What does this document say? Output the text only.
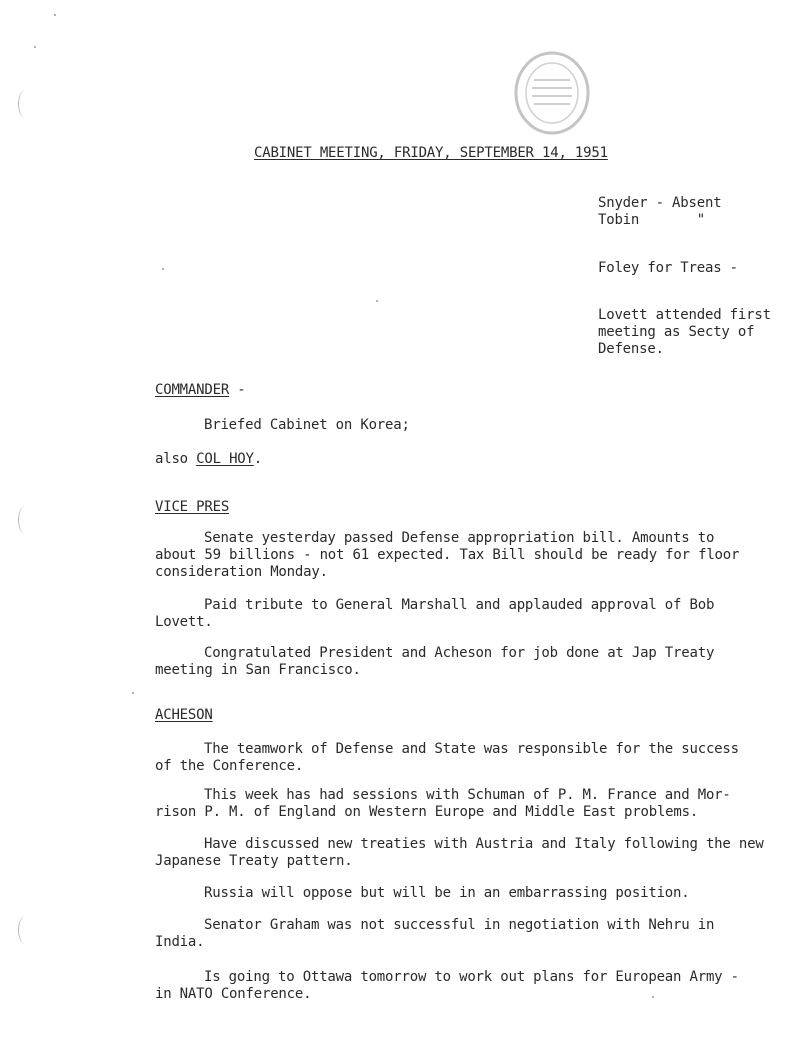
CABINET MEETING, FRIDAY, SEPTEMBER 14, 1951
Snyder - Absent
Tobin       "
Foley for Treas -
Lovett attended first
meeting as Secty of
Defense.
COMMANDER -
Briefed Cabinet on Korea;
also COL HOY.
VICE PRES
Senate yesterday passed Defense appropriation bill. Amounts to
about 59 billions - not 61 expected. Tax Bill should be ready for floor
consideration Monday.
Paid tribute to General Marshall and applauded approval of Bob
Lovett.
Congratulated President and Acheson for job done at Jap Treaty
meeting in San Francisco.
ACHESON
The teamwork of Defense and State was responsible for the success
of the Conference.
This week has had sessions with Schuman of P. M. France and Mor-
rison P. M. of England on Western Europe and Middle East problems.
Have discussed new treaties with Austria and Italy following the new
Japanese Treaty pattern.
Russia will oppose but will be in an embarrassing position.
Senator Graham was not successful in negotiation with Nehru in
India.
Is going to Ottawa tomorrow to work out plans for European Army -
in NATO Conference.
